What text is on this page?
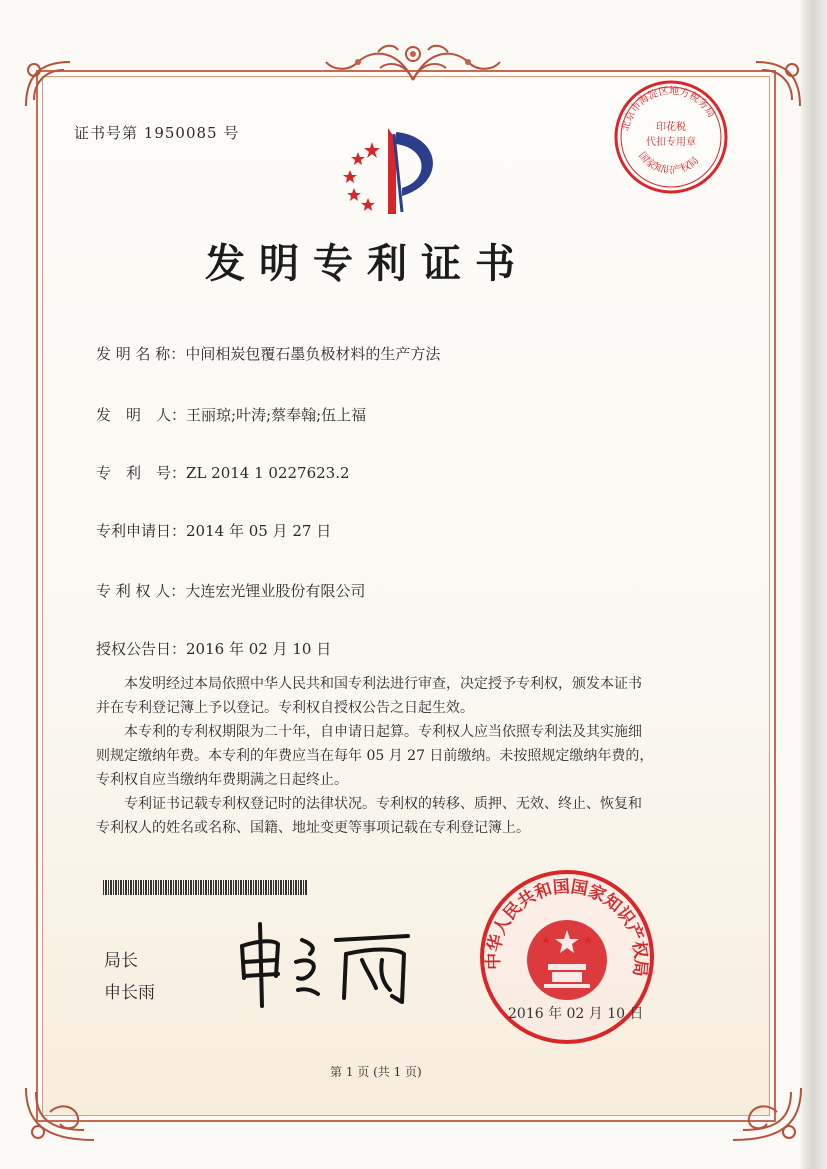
证书号第 1950085 号
发明专利证书
北京市海淀区地方税务局
印花税
代扣专用章
国家知识产权局
发 明 名 称：中间相炭包覆石墨负极材料的生产方法
发　明　人：王丽琼;叶涛;蔡奉翰;伍上福
专　利　号：ZL 2014 1 0227623.2
专利申请日：2014 年 05 月 27 日
专 利 权 人：大连宏光锂业股份有限公司
授权公告日：2016 年 02 月 10 日

本发明经过本局依照中华人民共和国专利法进行审查，决定授予专利权，颁发本证书

并在专利登记簿上予以登记。专利权自授权公告之日起生效。

本专利的专利权期限为二十年，自申请日起算。专利权人应当依照专利法及其实施细

则规定缴纳年费。本专利的年费应当在每年 05 月 27 日前缴纳。未按照规定缴纳年费的，

专利权自应当缴纳年费期满之日起终止。

专利证书记载专利权登记时的法律状况。专利权的转移、质押、无效、终止、恢复和

专利权人的姓名或名称、国籍、地址变更等事项记载在专利登记簿上。

局长
申长雨
中华人民共和国国家知识产权局
2016 年 02 月 10 日
第 1 页 (共 1 页)
